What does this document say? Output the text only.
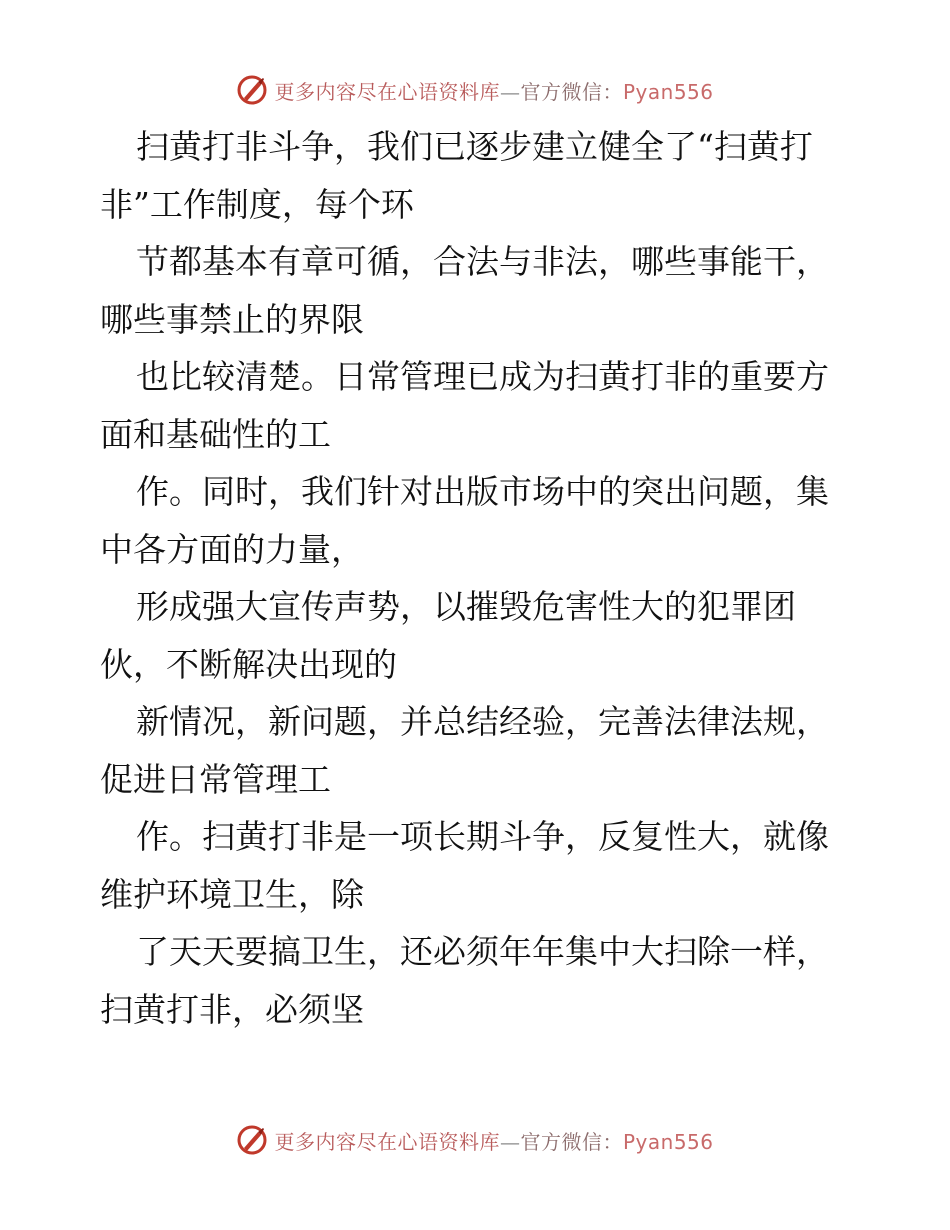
更多内容尽在心语资料库—官方微信：Pyan556
扫黄打非斗争，我们已逐步建立健全了“扫黄打
非”工作制度，每个环
节都基本有章可循，合法与非法，哪些事能干，
哪些事禁止的界限
也比较清楚。日常管理已成为扫黄打非的重要方
面和基础性的工
作。同时，我们针对出版市场中的突出问题，集
中各方面的力量，
形成强大宣传声势，以摧毁危害性大的犯罪团
伙，不断解决出现的
新情况，新问题，并总结经验，完善法律法规，
促进日常管理工
作。扫黄打非是一项长期斗争，反复性大，就像
维护环境卫生，除
了天天要搞卫生，还必须年年集中大扫除一样，
扫黄打非，必须坚
更多内容尽在心语资料库—官方微信：Pyan556
